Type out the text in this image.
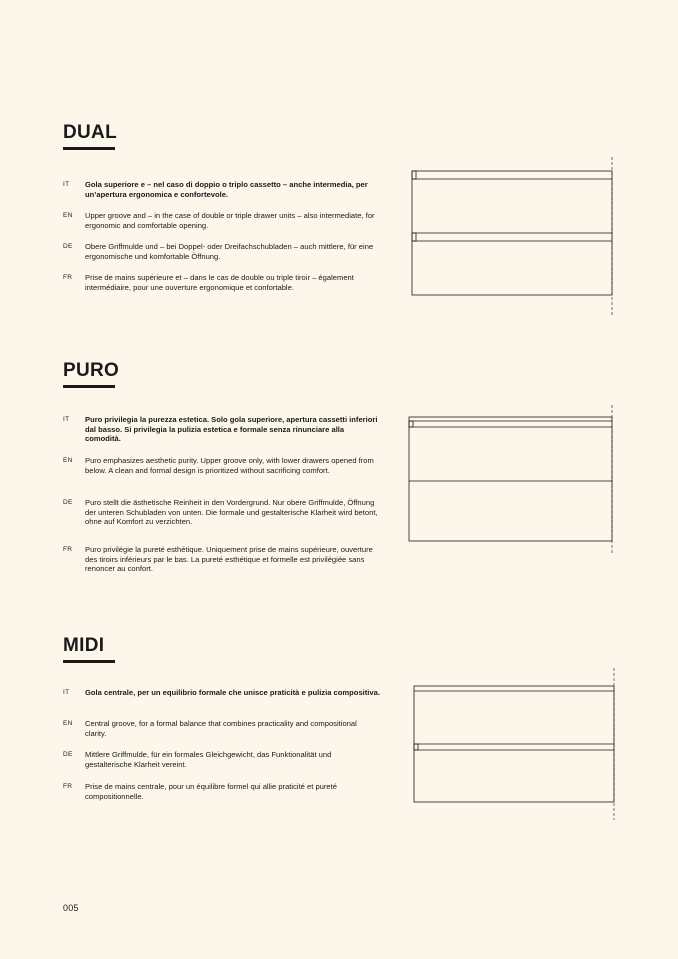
DUAL
IT Gola superiore e – nel caso di doppio o triplo cassetto – anche intermedia, per un’apertura ergonomica e confortevole.

EN Upper groove and – in the case of double or triple drawer units – also intermediate, for ergonomic and comfortable opening.

DE Obere Griffmulde und – bei Doppel- oder Dreifachschubladen – auch mittlere, für eine ergonomische und komfortable Öffnung.

FR Prise de mains supérieure et – dans le cas de double ou triple tiroir – également intermédiaire, pour une ouverture ergonomique et confortable.

PURO
IT Puro privilegia la purezza estetica. Solo gola superiore, apertura cassetti inferiori dal basso. Si privilegia la pulizia estetica e formale senza rinunciare alla comodità.

EN Puro emphasizes aesthetic purity. Upper groove only, with lower drawers opened from below. A clean and formal design is prioritized without sacrificing comfort.

DE Puro stellt die ästhetische Reinheit in den Vordergrund. Nur obere Griffmulde, Öffnung der unteren Schubladen von unten. Die formale und gestalterische Klarheit wird betont, ohne auf Komfort zu verzichten.

FR Puro privilégie la pureté esthétique. Uniquement prise de mains supérieure, ouverture des tiroirs inférieurs par le bas. La pureté esthétique et formelle est privilégiée sans renoncer au confort.

MIDI
IT Gola centrale, per un equilibrio formale che unisce praticità e pulizia compositiva.

EN Central groove, for a formal balance that combines practicality and compositional clarity.

DE Mittlere Griffmulde, für ein formales Gleichgewicht, das Funktionalität und gestalterische Klarheit vereint.

FR Prise de mains centrale, pour un équilibre formel qui allie praticité et pureté compositionnelle.

005
